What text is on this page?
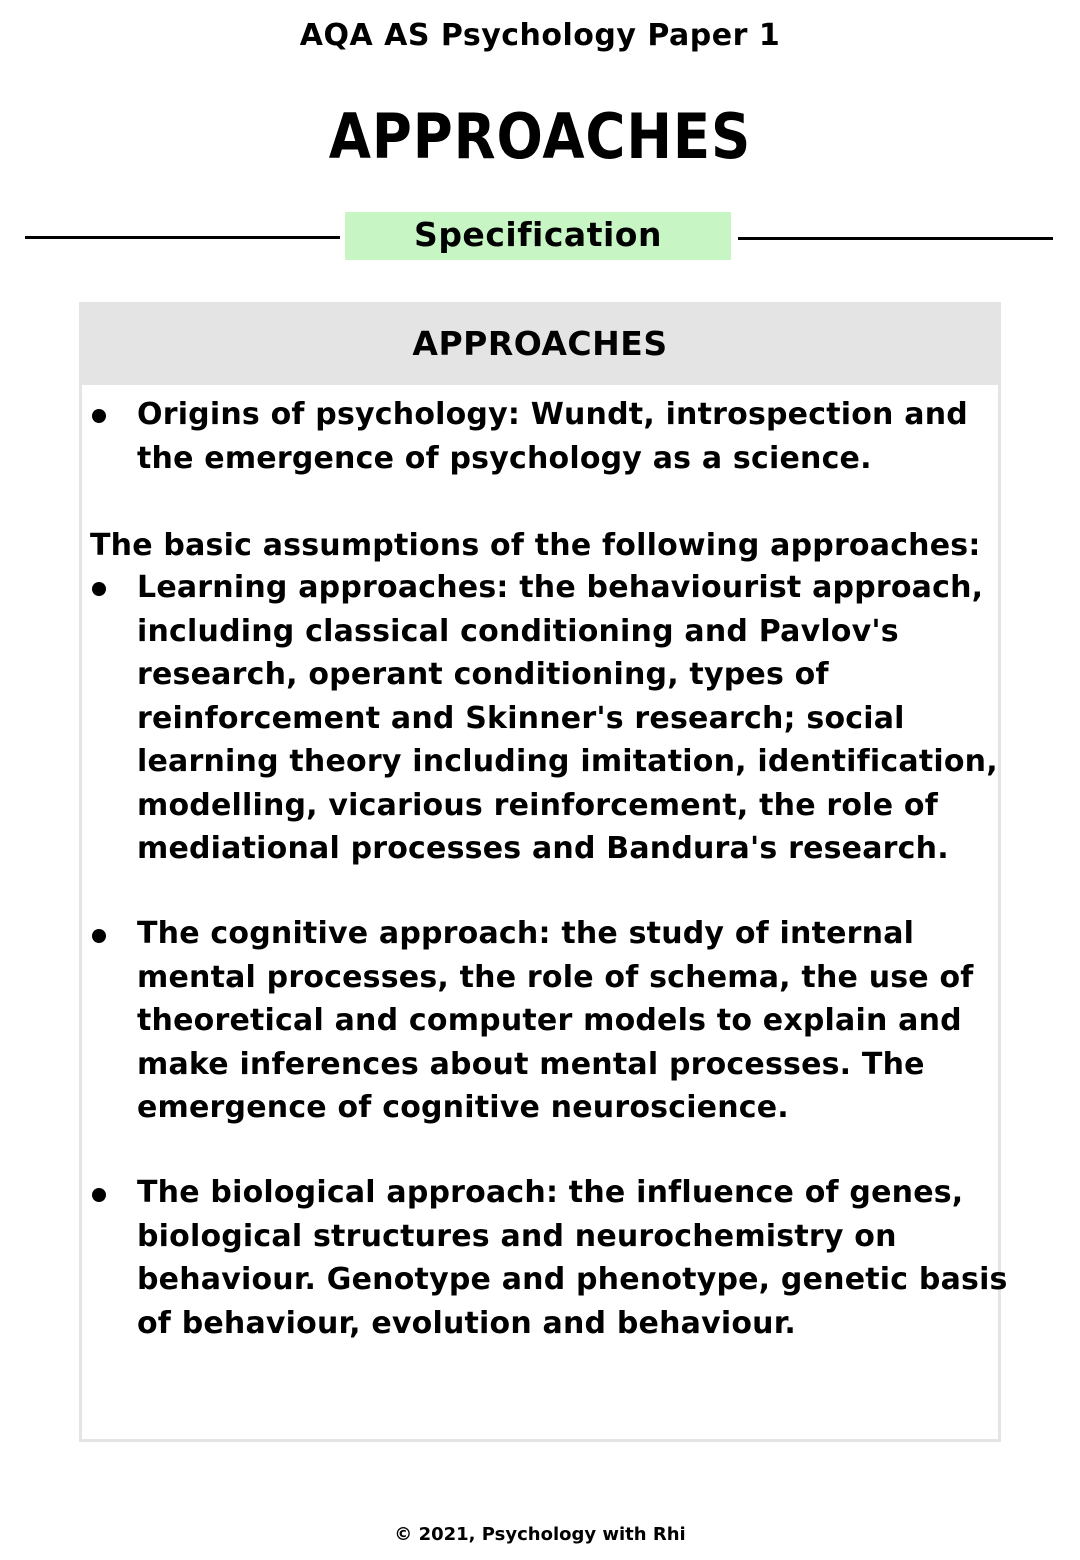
AQA AS Psychology Paper 1
APPROACHES
Specification
APPROACHES
Origins of psychology: Wundt, introspection and
the emergence of psychology as a science.
The basic assumptions of the following approaches:
Learning approaches: the behaviourist approach,
including classical conditioning and Pavlov's
research, operant conditioning, types of
reinforcement and Skinner's research; social
learning theory including imitation, identification,
modelling, vicarious reinforcement, the role of
mediational processes and Bandura's research.
The cognitive approach: the study of internal
mental processes, the role of schema, the use of
theoretical and computer models to explain and
make inferences about mental processes. The
emergence of cognitive neuroscience.
The biological approach: the influence of genes,
biological structures and neurochemistry on
behaviour. Genotype and phenotype, genetic basis
of behaviour, evolution and behaviour.
© 2021, Psychology with Rhi
